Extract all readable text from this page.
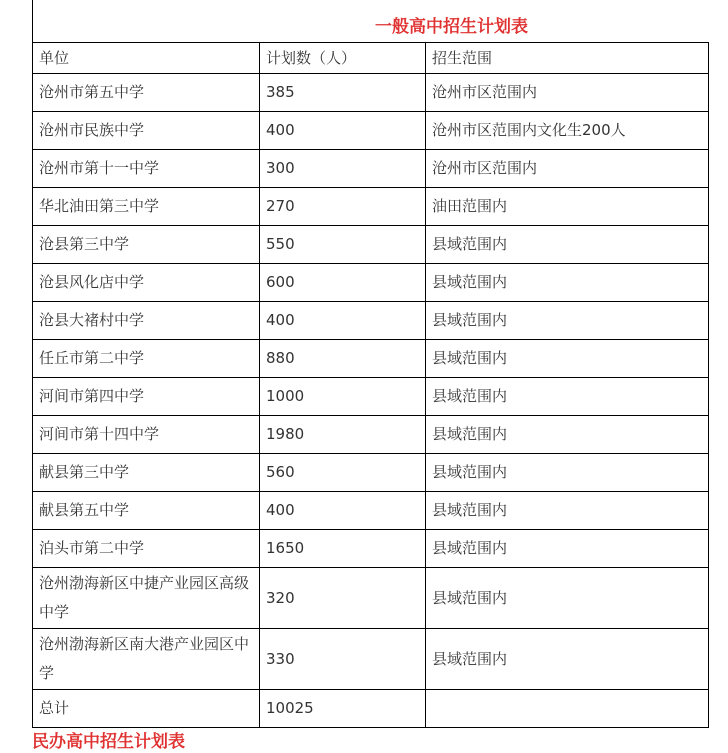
一般高中招生计划表
单位	计划数（人）	招生范围
沧州市第五中学	385	沧州市区范围内
沧州市民族中学	400	沧州市区范围内文化生200人
沧州市第十一中学	300	沧州市区范围内
华北油田第三中学	270	油田范围内
沧县第三中学	550	县域范围内
沧县风化店中学	600	县域范围内
沧县大褚村中学	400	县域范围内
任丘市第二中学	880	县域范围内
河间市第四中学	1000	县域范围内
河间市第十四中学	1980	县域范围内
献县第三中学	560	县域范围内
献县第五中学	400	县域范围内
泊头市第二中学	1650	县域范围内
沧州渤海新区中捷产业园区高级中学	320	县域范围内
沧州渤海新区南大港产业园区中学	330	县域范围内
总计	10025	
民办高中招生计划表
